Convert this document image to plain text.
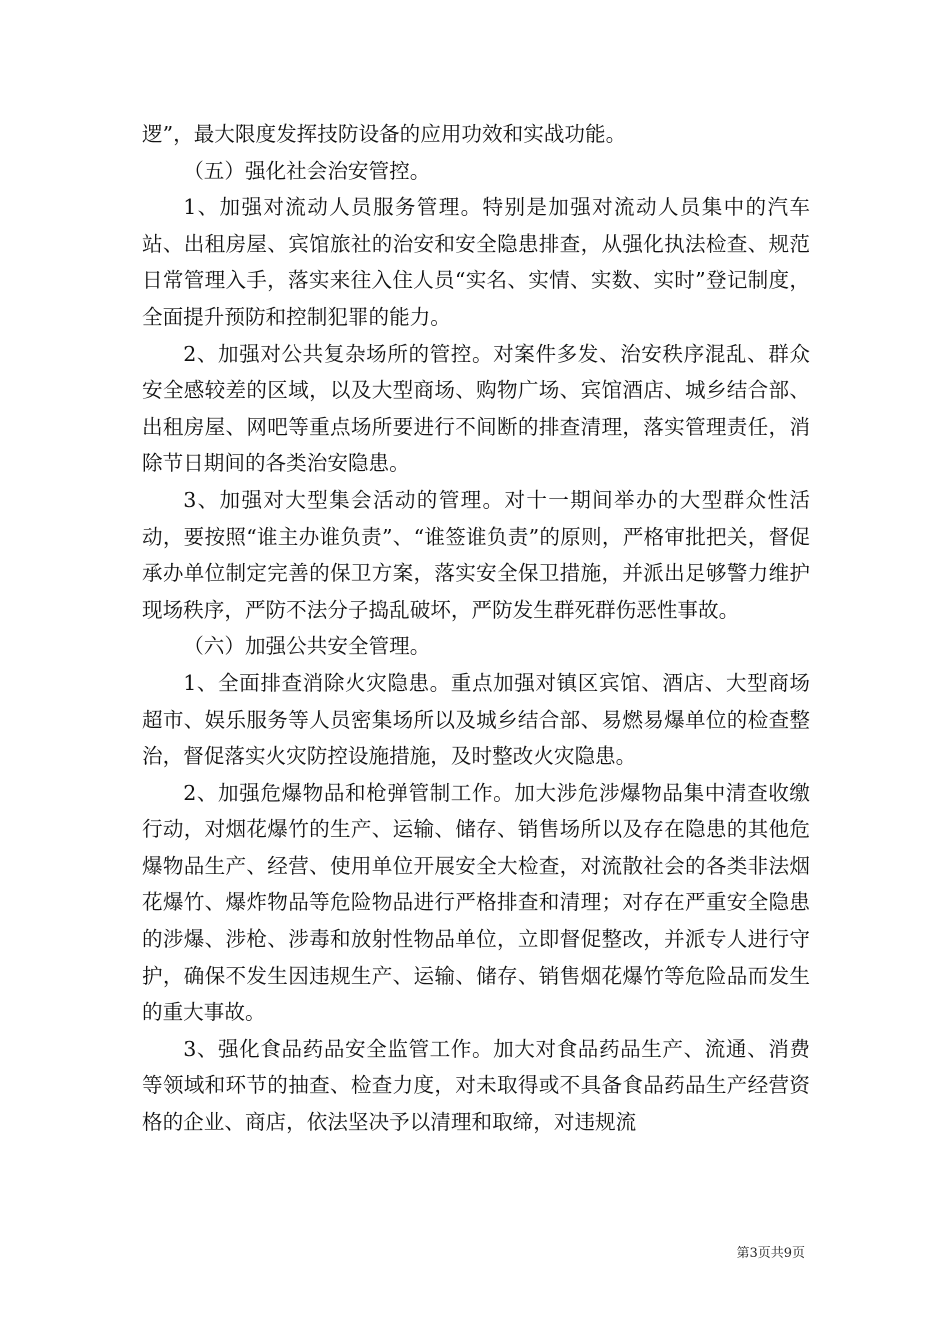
逻”，最大限度发挥技防设备的应用功效和实战功能。

（五）强化社会治安管控。

1、加强对流动人员服务管理。特别是加强对流动人员集中的汽车站、出租房屋、宾馆旅社的治安和安全隐患排查，从强化执法检查、规范日常管理入手，落实来往入住人员“实名、实情、实数、实时”登记制度，全面提升预防和控制犯罪的能力。

2、加强对公共复杂场所的管控。对案件多发、治安秩序混乱、群众安全感较差的区域，以及大型商场、购物广场、宾馆酒店、城乡结合部、出租房屋、网吧等重点场所要进行不间断的排查清理，落实管理责任，消除节日期间的各类治安隐患。

3、加强对大型集会活动的管理。对十一期间举办的大型群众性活动，要按照“谁主办谁负责”、“谁签谁负责”的原则，严格审批把关，督促承办单位制定完善的保卫方案，落实安全保卫措施，并派出足够警力维护现场秩序，严防不法分子捣乱破坏，严防发生群死群伤恶性事故。

（六）加强公共安全管理。

1、全面排查消除火灾隐患。重点加强对镇区宾馆、酒店、大型商场超市、娱乐服务等人员密集场所以及城乡结合部、易燃易爆单位的检查整治，督促落实火灾防控设施措施，及时整改火灾隐患。

2、加强危爆物品和枪弹管制工作。加大涉危涉爆物品集中清查收缴行动，对烟花爆竹的生产、运输、储存、销售场所以及存在隐患的其他危爆物品生产、经营、使用单位开展安全大检查，对流散社会的各类非法烟花爆竹、爆炸物品等危险物品进行严格排查和清理；对存在严重安全隐患的涉爆、涉枪、涉毒和放射性物品单位，立即督促整改，并派专人进行守护，确保不发生因违规生产、运输、储存、销售烟花爆竹等危险品而发生的重大事故。

3、强化食品药品安全监管工作。加大对食品药品生产、流通、消费等领域和环节的抽查、检查力度，对未取得或不具备食品药品生产经营资格的企业、商店，依法坚决予以清理和取缔，对违规流

第3页共9页
